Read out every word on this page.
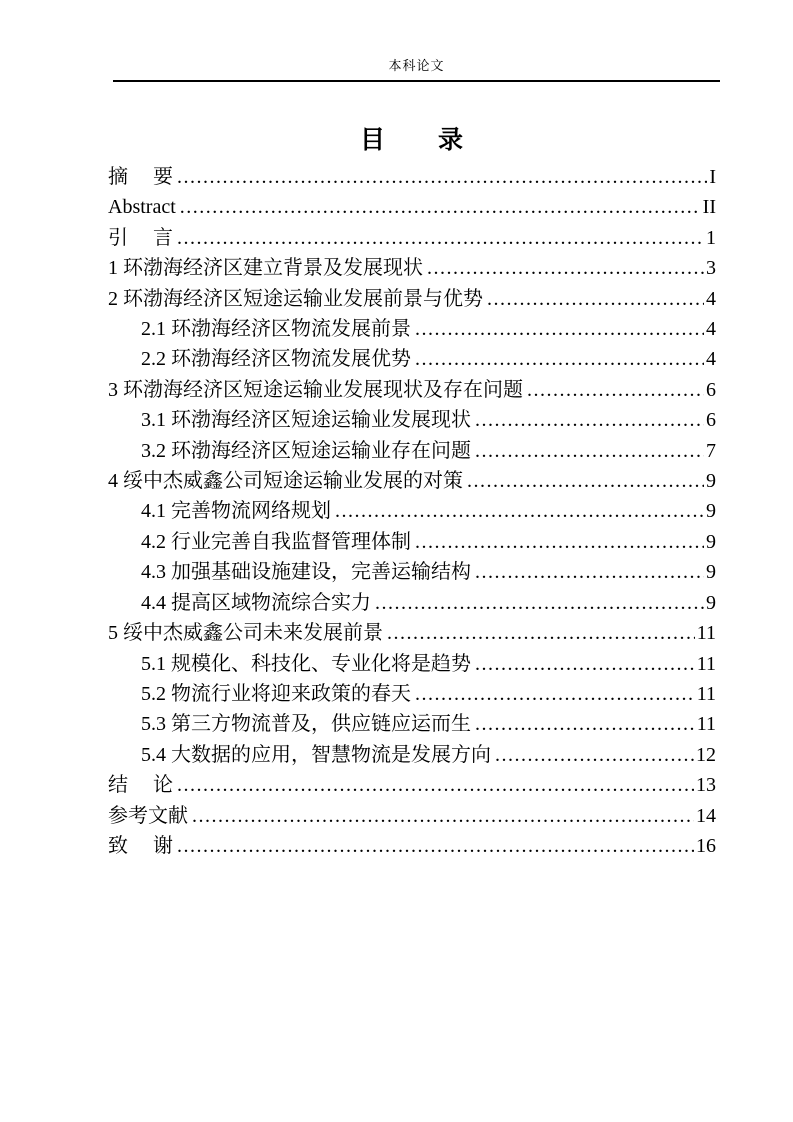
本科论文
目　　录
摘　 要 .....	I
Abstract .....	II
引　 言 .....	1
1 环渤海经济区建立背景及发展现状 .....	3
2 环渤海经济区短途运输业发展前景与优势 .....	4
2.1 环渤海经济区物流发展前景 .....	4
2.2 环渤海经济区物流发展优势 .....	4
3 环渤海经济区短途运输业发展现状及存在问题 .....	6
3.1 环渤海经济区短途运输业发展现状 .....	6
3.2 环渤海经济区短途运输业存在问题 .....	7
4 绥中杰威鑫公司短途运输业发展的对策 .....	9
4.1 完善物流网络规划 .....	9
4.2 行业完善自我监督管理体制 .....	9
4.3 加强基础设施建设，完善运输结构 .....	9
4.4 提高区域物流综合实力 .....	9
5 绥中杰威鑫公司未来发展前景 .....	11
5.1 规模化、科技化、专业化将是趋势 .....	11
5.2 物流行业将迎来政策的春天 .....	11
5.3 第三方物流普及，供应链应运而生 .....	11
5.4 大数据的应用，智慧物流是发展方向 .....	12
结　 论 .....	13
参考文献 .....	14
致　 谢 .....	16
